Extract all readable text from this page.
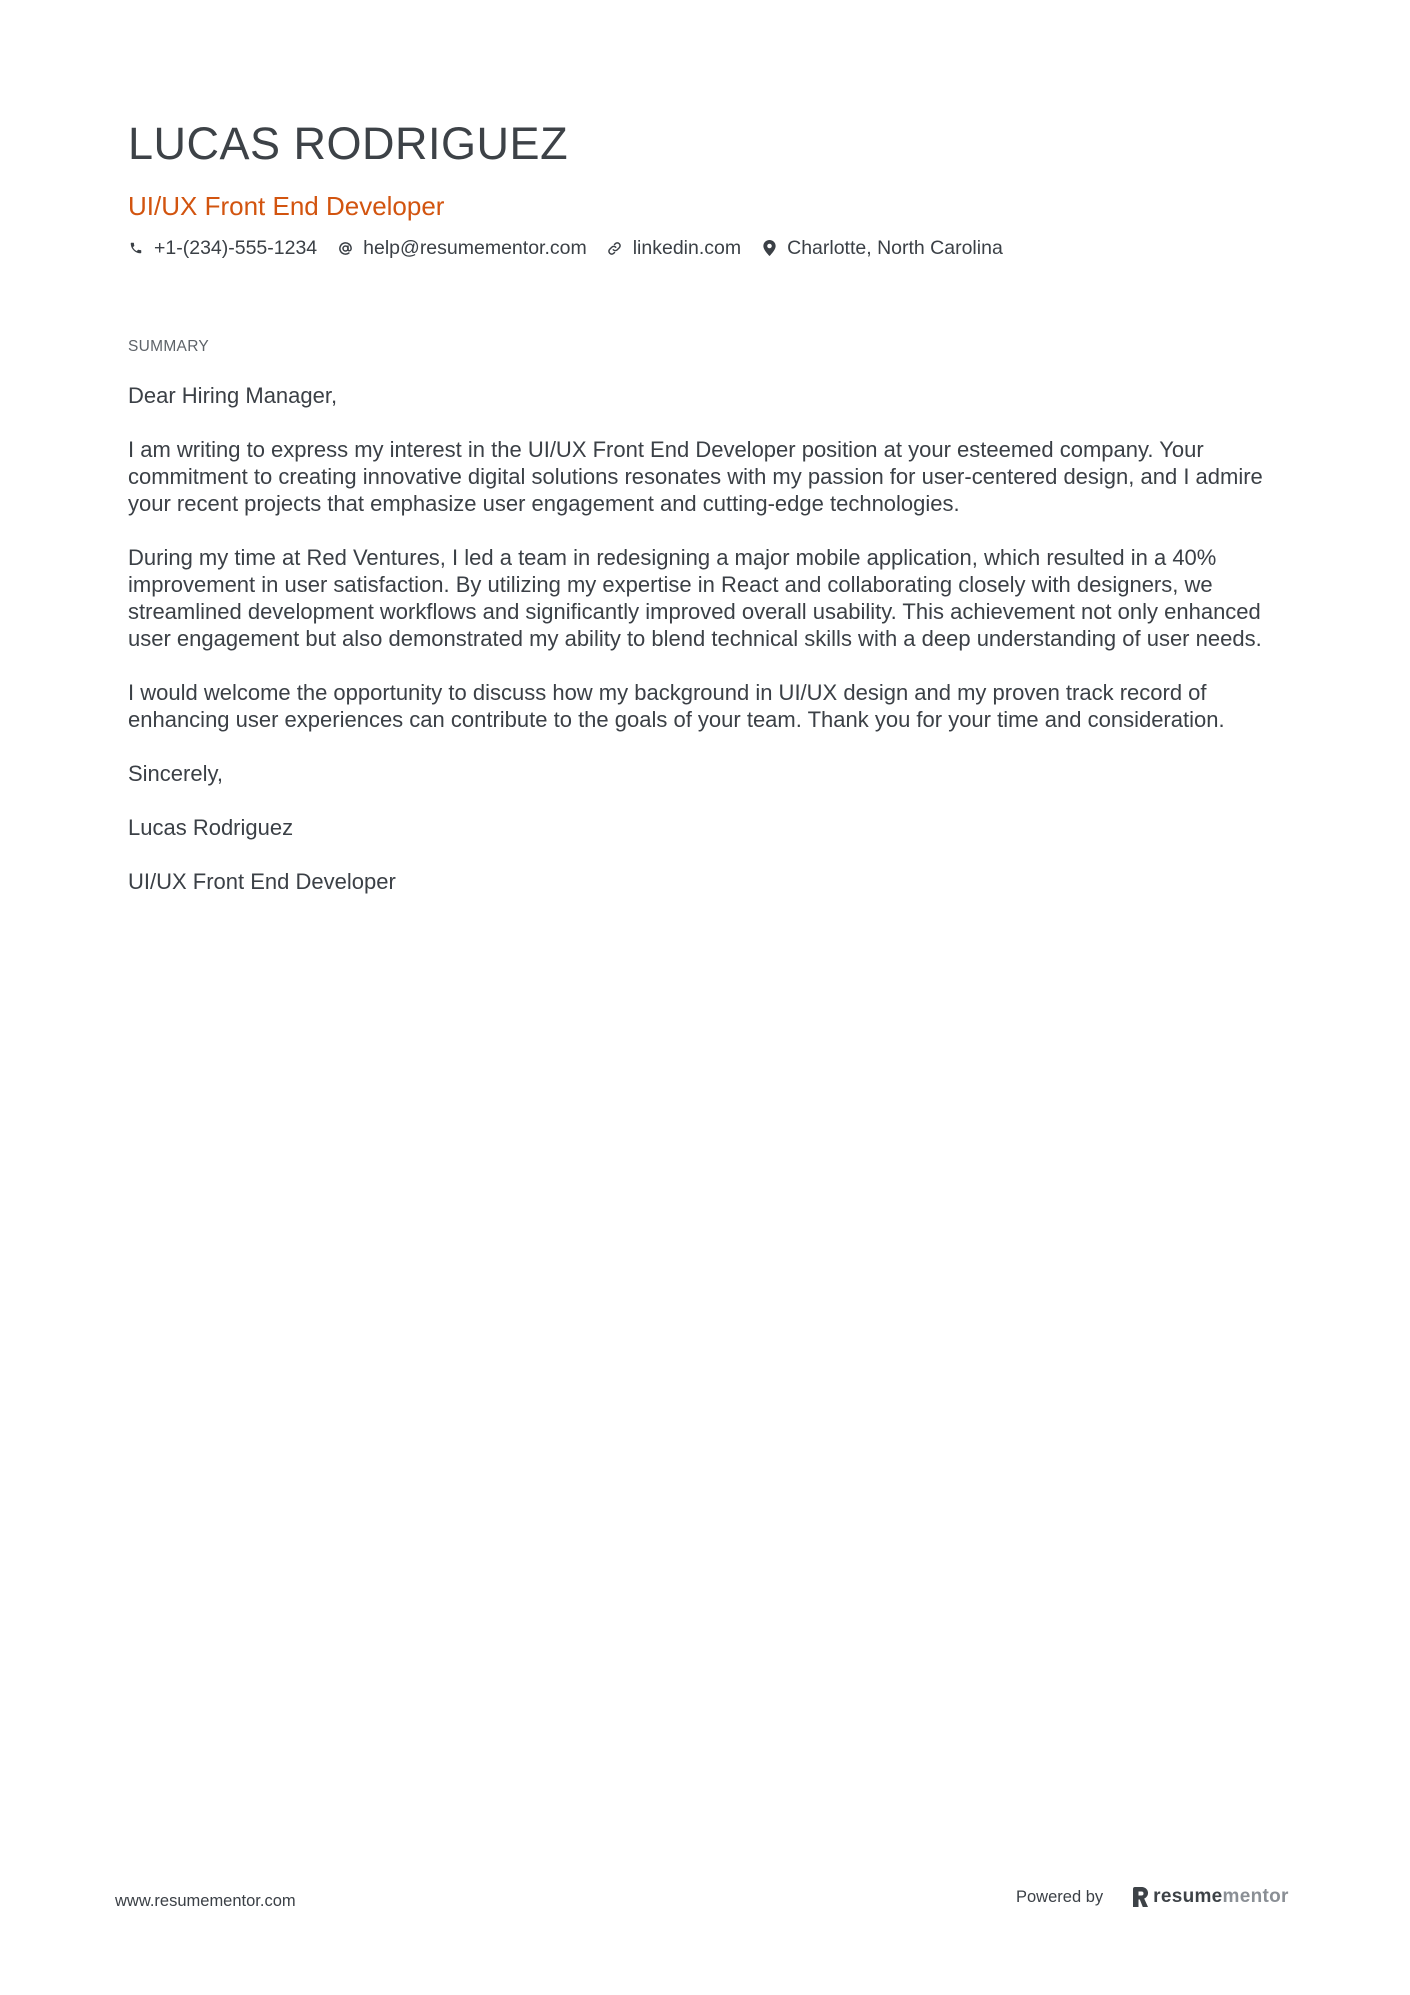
LUCAS RODRIGUEZ
UI/UX Front End Developer
+1-(234)-555-1234 help@resumementor.com linkedin.com Charlotte, North Carolina
SUMMARY

Dear Hiring Manager,

I am writing to express my interest in the UI/UX Front End Developer position at your esteemed company. Your commitment to creating innovative digital solutions resonates with my passion for user-centered design, and I admire your recent projects that emphasize user engagement and cutting-edge technologies.

During my time at Red Ventures, I led a team in redesigning a major mobile application, which resulted in a 40% improvement in user satisfaction. By utilizing my expertise in React and collaborating closely with designers, we streamlined development workflows and significantly improved overall usability. This achievement not only enhanced user engagement but also demonstrated my ability to blend technical skills with a deep understanding of user needs.

I would welcome the opportunity to discuss how my background in UI/UX design and my proven track record of enhancing user experiences can contribute to the goals of your team. Thank you for your time and consideration.

Sincerely,

Lucas Rodriguez

UI/UX Front End Developer

www.resumementor.com	Powered by	resume mentor
